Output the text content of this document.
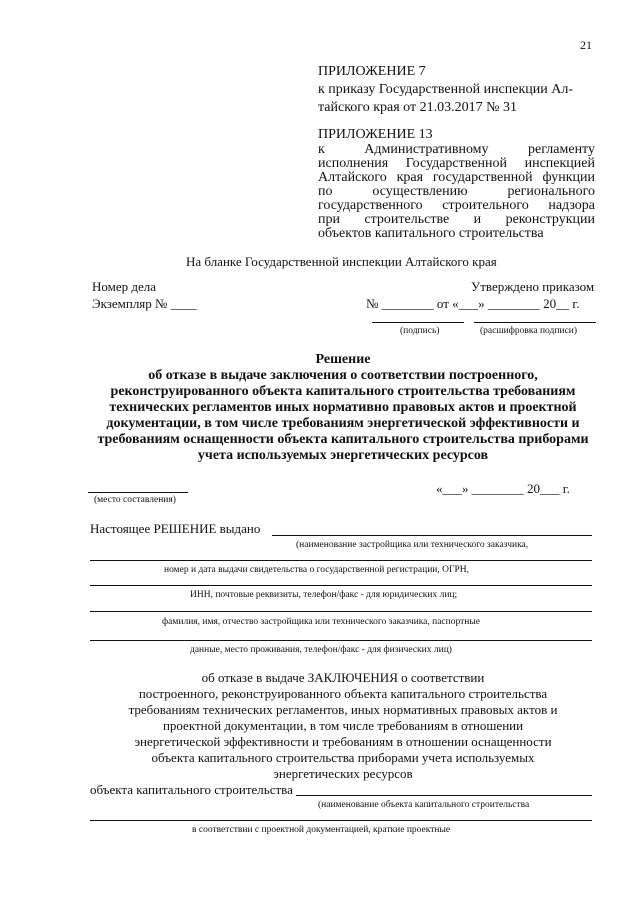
21
ПРИЛОЖЕНИЕ 7
к приказу Государственной инспекции Ал-
тайского края от 21.03.2017 № 31
ПРИЛОЖЕНИЕ 13
к Административному регламенту
исполнения Государственной инспекцией
Алтайского края государственной функции
по осуществлению регионального
государственного строительного надзора
при строительстве и реконструкции
объектов капитального строительства
На бланке Государственной инспекции Алтайского края
Номер дела
Экземпляр № ____
Утверждено приказом
№ ________ от «___» ________ 20__ г.
(подпись)	(расшифровка подписи)
Решение
об отказе в выдаче заключения о соответствии построенного,
реконструированного объекта капитального строительства требованиям
технических регламентов иных нормативно правовых актов и проектной
документации, в том числе требованиям энергетической эффективности и
требованиям оснащенности объекта капитального строительства приборами
учета используемых энергетических ресурсов
(место составления)
«___» ________ 20___ г.
Настоящее РЕШЕНИЕ выдано
(наименование застройщика или технического заказчика,
номер и дата выдачи свидетельства о государственной регистрации, ОГРН,
ИНН, почтовые реквизиты, телефон/факс - для юридических лиц;
фамилия, имя, отчество застройщика или технического заказчика, паспортные
данные, место проживания, телефон/факс - для физических лиц)
об отказе в выдаче ЗАКЛЮЧЕНИЯ о соответствии
построенного, реконструированного объекта капитального строительства
требованиям технических регламентов, иных нормативных правовых актов и
проектной документации, в том числе требованиям в отношении
энергетической эффективности и требованиям в отношении оснащенности
объекта капитального строительства приборами учета используемых
энергетических ресурсов
объекта капитального строительства
(наименование объекта капитального строительства
в соответствии с проектной документацией, краткие проектные
